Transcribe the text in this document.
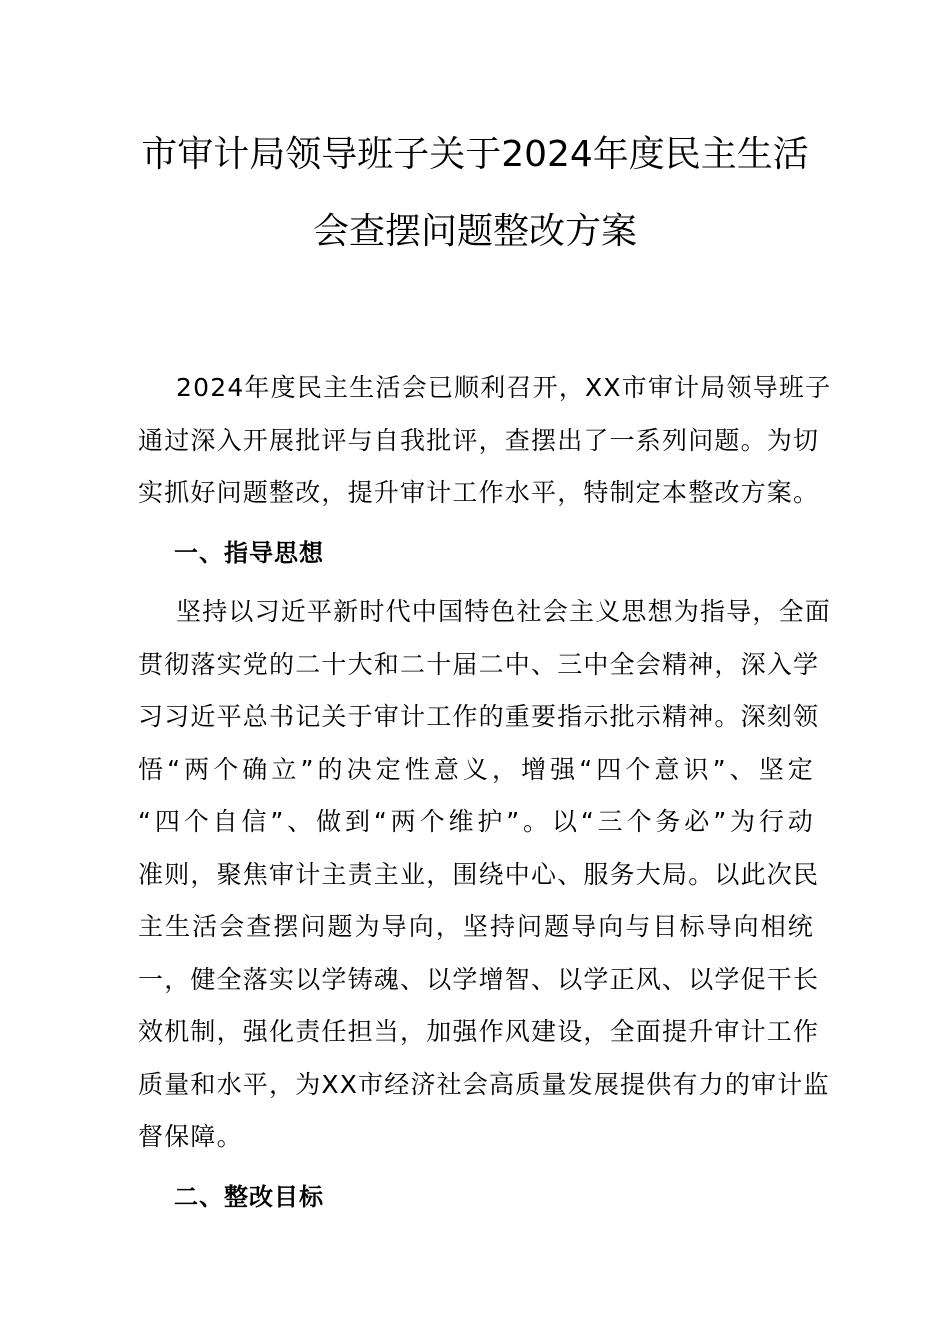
市审计局领导班子关于2024年度民主生活
会查摆问题整改方案
2024年度民主生活会已顺利召开，XX市审计局领导班子
通过深入开展批评与自我批评，查摆出了一系列问题。为切
实抓好问题整改，提升审计工作水平，特制定本整改方案。
一、指导思想
坚持以习近平新时代中国特色社会主义思想为指导，全面
贯彻落实党的二十大和二十届二中、三中全会精神，深入学
习习近平总书记关于审计工作的重要指示批示精神。深刻领
悟“两个确立”的决定性意义，增强“四个意识”、坚定
“四个自信”、做到“两个维护”。以“三个务必”为行动
准则，聚焦审计主责主业，围绕中心、服务大局。以此次民
主生活会查摆问题为导向，坚持问题导向与目标导向相统
一，健全落实以学铸魂、以学增智、以学正风、以学促干长
效机制，强化责任担当，加强作风建设，全面提升审计工作
质量和水平，为XX市经济社会高质量发展提供有力的审计监
督保障。
二、整改目标
